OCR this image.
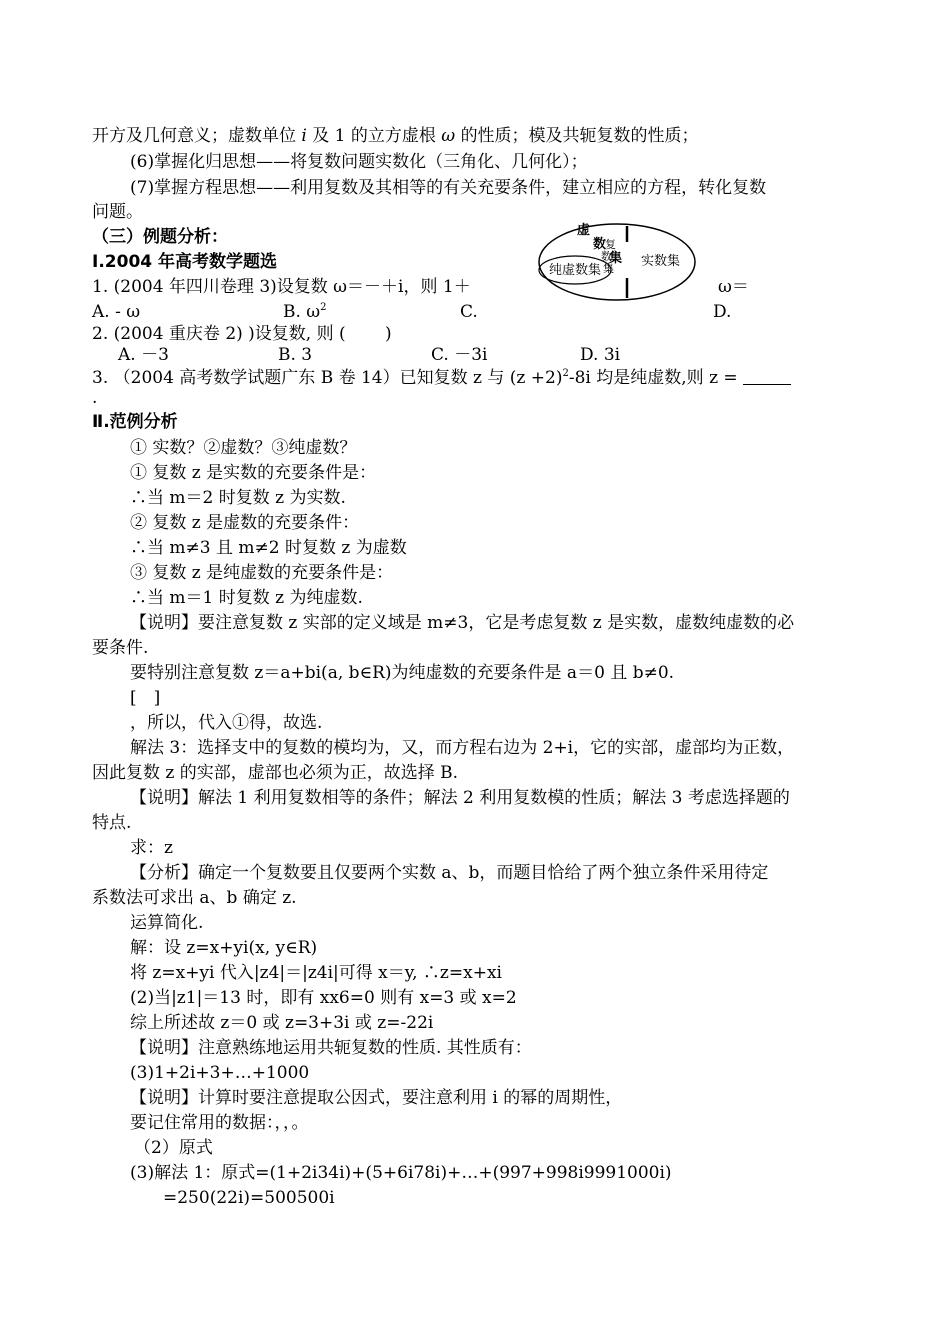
开方及几何意义；虚数单位 i 及 1 的立方虚根 ω 的性质；模及共轭复数的性质；
(6)掌握化归思想——将复数问题实数化（三角化、几何化）；
(7)掌握方程思想——利用复数及其相等的有关充要条件，建立相应的方程，转化复数
问题。
（三）例题分析：
Ⅰ.2004 年高考数学题选
虚
数
复
数
集
集
纯虚数集
实数集
1. (2004 年四川卷理 3)设复数 ω＝－＋i，则 1＋	ω＝
A. - ω	B. $\omega^2$	C.	D.
2. (2004 重庆卷 2) )设复数, 则 (　　 )
A. －3	B. 3	C. －3i	D. 3i
3. （2004 高考数学试题广东 B 卷 14）已知复数 z 与 $(z +2)^2-8i$ 均是纯虚数,则 z =
.
Ⅱ.范例分析
① 实数？②虚数？③纯虚数？
① 复数 z 是实数的充要条件是：
∴当 m＝2 时复数 z 为实数.
② 复数 z 是虚数的充要条件：
∴当 m≠3 且 m≠2 时复数 z 为虚数
③ 复数 z 是纯虚数的充要条件是：
∴当 m＝1 时复数 z 为纯虚数.
【说明】要注意复数 z 实部的定义域是 m≠3，它是考虑复数 z 是实数，虚数纯虚数的必
要条件.
要特别注意复数 z＝a+bi(a, b∈R)为纯虚数的充要条件是 a＝0 且 b≠0.
[　]
，所以，代入①得，故选.
解法 3：选择支中的复数的模均为，又，而方程右边为 2+i，它的实部，虚部均为正数，
因此复数 z 的实部，虚部也必须为正，故选择 B.
【说明】解法 1 利用复数相等的条件；解法 2 利用复数模的性质；解法 3 考虑选择题的
特点.
求：z
【分析】确定一个复数要且仅要两个实数 a、b，而题目恰给了两个独立条件采用待定
系数法可求出 a、b 确定 z.
运算简化.
解：设 z=x+yi(x, y∈R)
将 z=x+yi 代入|z4|＝|z4i|可得 x＝y, ∴z=x+xi
(2)当|z1|＝13 时，即有 xx6=0 则有 x=3 或 x=2
综上所述故 z＝0 或 z=3+3i 或 z=-22i
【说明】注意熟练地运用共轭复数的性质. 其性质有：
(3)1+2i+3+…+1000
【说明】计算时要注意提取公因式，要注意利用 i 的幂的周期性，
要记住常用的数据：，，。
（2）原式
(3)解法 1：原式=(1+2i34i)+(5+6i78i)+…+(997+998i9991000i)
=250(22i)=500500i
